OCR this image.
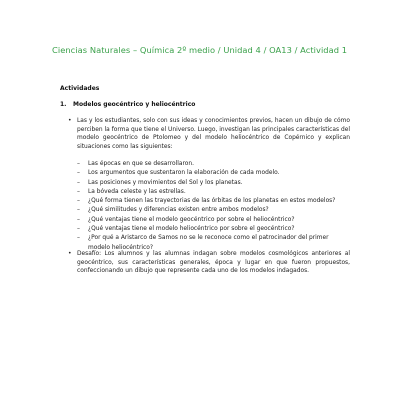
Ciencias Naturales – Química 2º medio / Unidad 4 / OA13 / Actividad 1
Actividades
1. Modelos geocéntrico y heliocéntrico
• Las y los estudiantes, solo con sus ideas y conocimientos previos, hacen un dibujo de cómo perciben la forma que tiene el Universo. Luego, investigan las principales características del modelo geocéntrico de Ptolomeo y del modelo heliocéntrico de Copérnico y explican situaciones como las siguientes:
– Las épocas en que se desarrollaron.
– Los argumentos que sustentaron la elaboración de cada modelo.
– Las posiciones y movimientos del Sol y los planetas.
– La bóveda celeste y las estrellas.
– ¿Qué forma tienen las trayectorias de las órbitas de los planetas en estos modelos?
– ¿Qué similitudes y diferencias existen entre ambos modelos?
– ¿Qué ventajas tiene el modelo geocéntrico por sobre el heliocéntrico?
– ¿Qué ventajas tiene el modelo heliocéntrico por sobre el geocéntrico?
– ¿Por qué a Aristarco de Samos no se le reconoce como el patrocinador del primer modelo heliocéntrico?
• Desafío: Los alumnos y las alumnas indagan sobre modelos cosmológicos anteriores al geocéntrico, sus características generales, época y lugar en que fueron propuestos, confeccionando un dibujo que represente cada uno de los modelos indagados.
